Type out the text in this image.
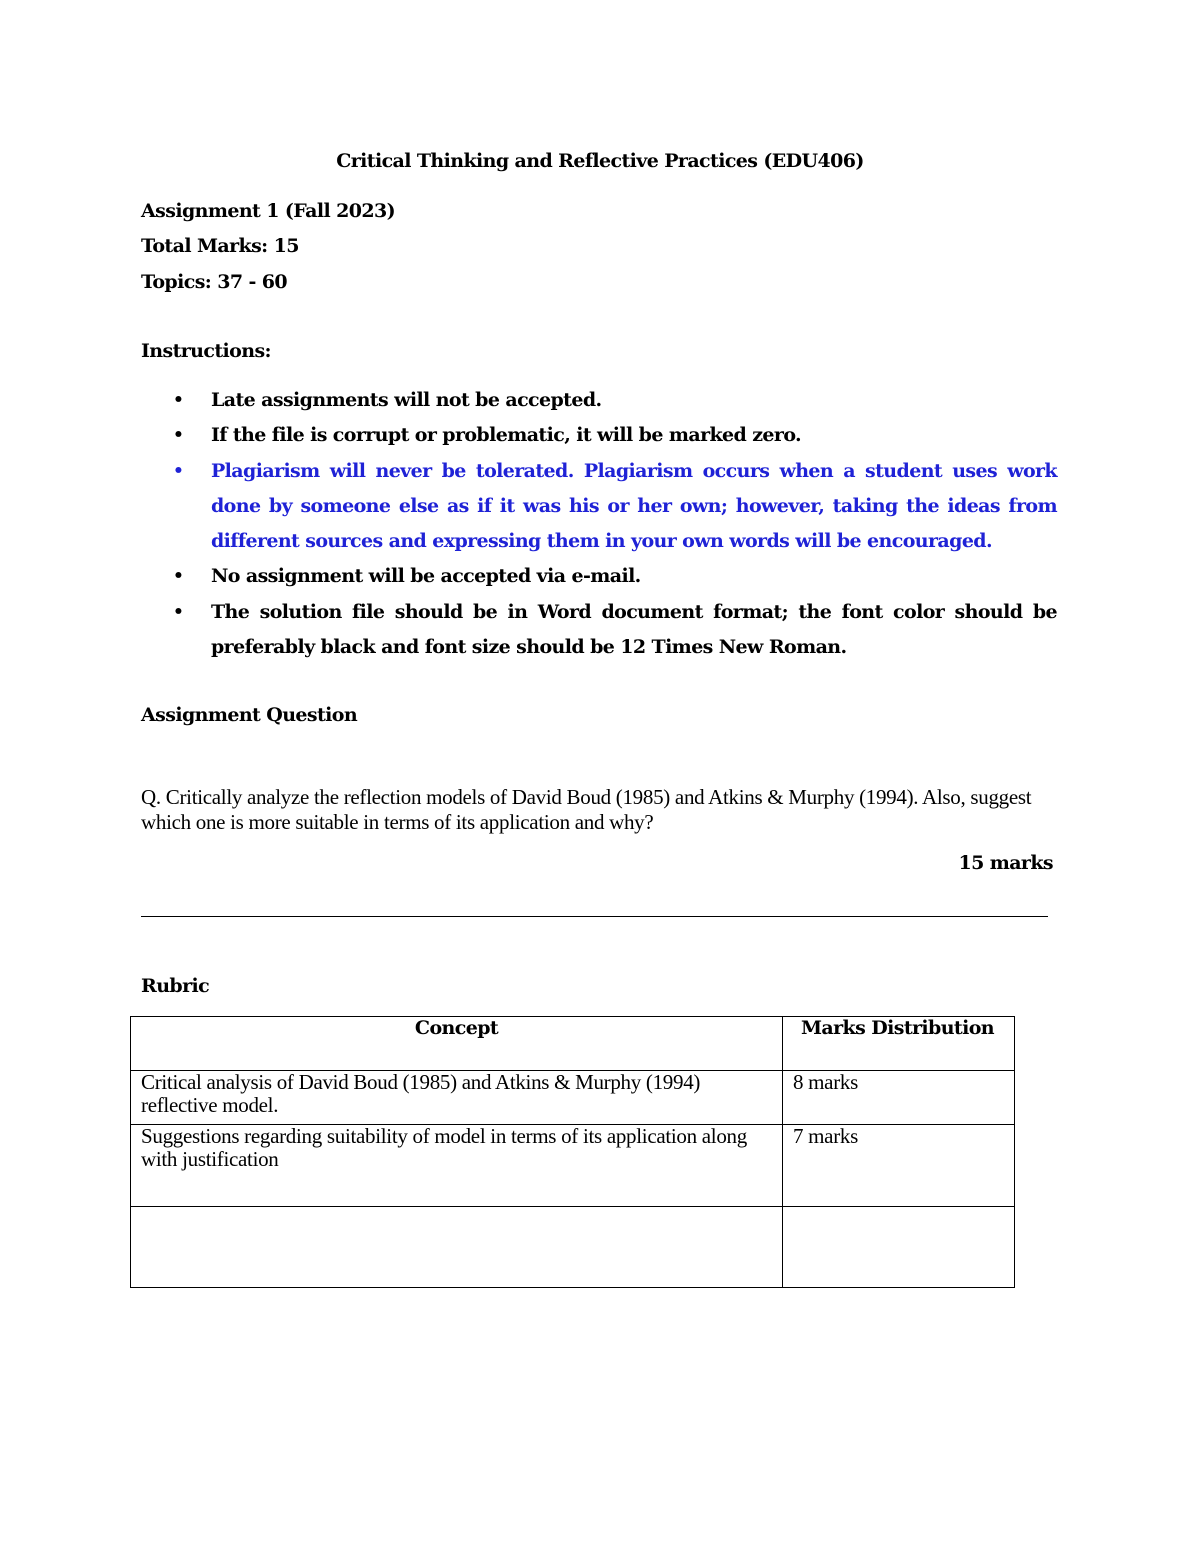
Critical Thinking and Reflective Practices (EDU406)
Assignment 1 (Fall 2023)
Total Marks: 15
Topics: 37 - 60
Instructions:
• Late assignments will not be accepted.
• If the file is corrupt or problematic, it will be marked zero.
• Plagiarism will never be tolerated. Plagiarism occurs when a student uses work done by someone else as if it was his or her own; however, taking the ideas from different sources and expressing them in your own words will be encouraged.
• No assignment will be accepted via e-mail.
• The solution file should be in Word document format; the font color should be preferably black and font size should be 12 Times New Roman.
Assignment Question
Q. Critically analyze the reflection models of David Boud (1985) and Atkins & Murphy (1994). Also, suggest which one is more suitable in terms of its application and why?
15 marks
Rubric
Concept	Marks Distribution
Critical analysis of David Boud (1985) and Atkins & Murphy (1994) reflective model.	8 marks
Suggestions regarding suitability of model in terms of its application along with justification	7 marks
